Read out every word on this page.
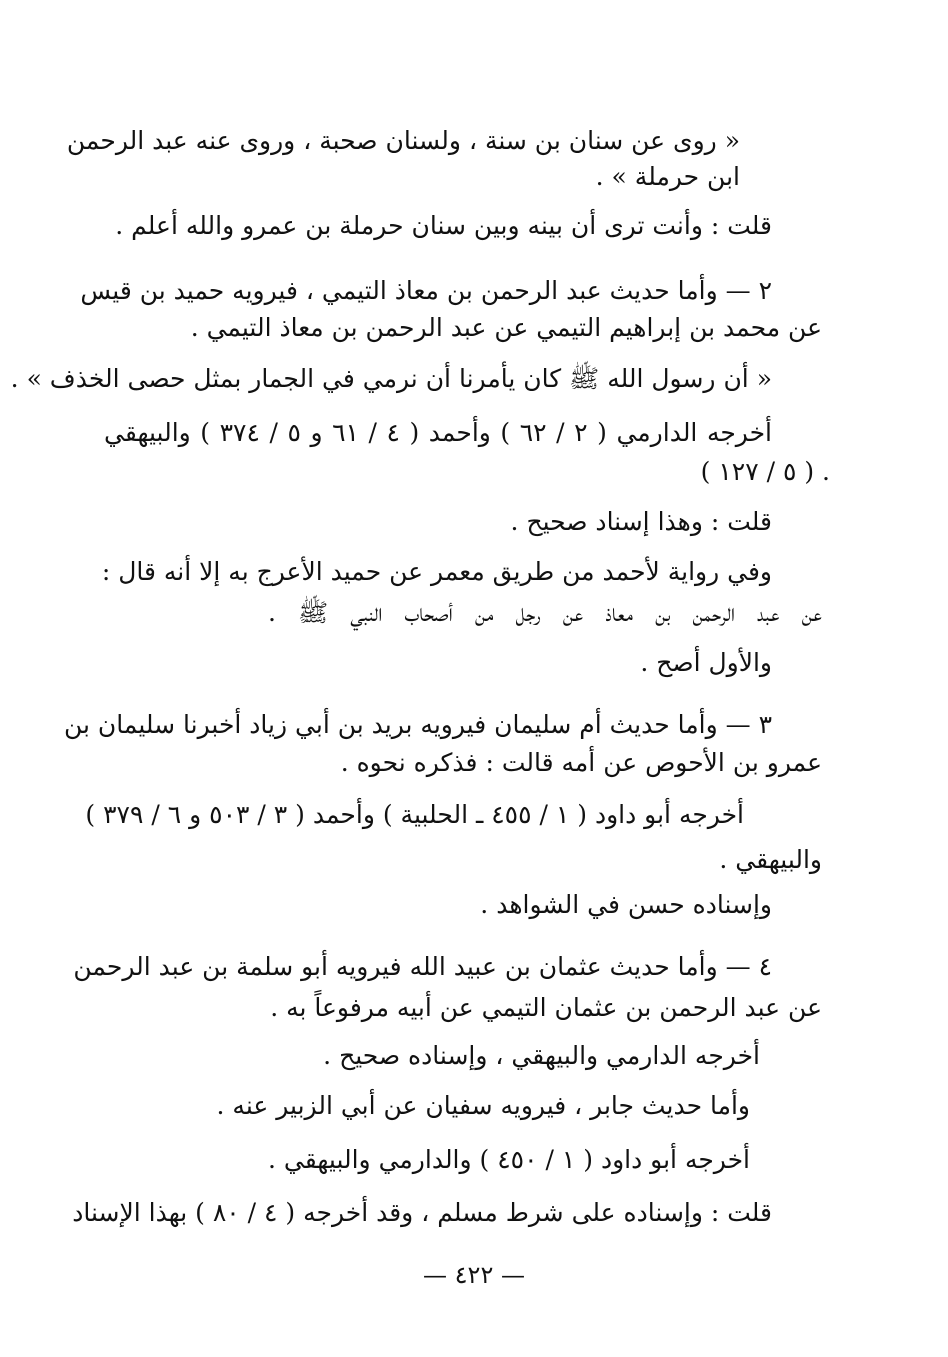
« روى عن سنان بن سنة ، ولسنان صحبة ، وروى عنه عبد الرحمن
ابن حرملة » .
قلت : وأنت ترى أن بينه وبين سنان حرملة بن عمرو والله أعلم .
٢ — وأما حديث عبد الرحمن بن معاذ التيمي ، فيرويه حميد بن قيس
عن محمد بن إبراهيم التيمي عن عبد الرحمن بن معاذ التيمي .
« أن رسول الله ﷺ كان يأمرنا أن نرمي في الجمار بمثل حصى الخذف » .
أخرجه الدارمي ( ٢ / ٦٢ ) وأحمد ( ٤ / ٦١ و ٥ / ٣٧٤ ) والبيهقي
( ٥ / ١٢٧ ) .
قلت : وهذا إسناد صحيح .
وفي رواية لأحمد من طريق معمر عن حميد الأعرج به إلا أنه قال :
عن عبد الرحمن بن معاذ عن رجل من أصحاب النبي ﷺ .
والأول أصح .
٣ — وأما حديث أم سليمان فيرويه بريد بن أبي زياد أخبرنا سليمان بن
عمرو بن الأحوص عن أمه قالت : فذكره نحوه .
أخرجه أبو داود ( ١ / ٤٥٥ ـ الحلبية ) وأحمد ( ٣ / ٥٠٣ و ٦ / ٣٧٩ )
والبيهقي .
وإسناده حسن في الشواهد .
٤ — وأما حديث عثمان بن عبيد الله فيرويه أبو سلمة بن عبد الرحمن
عن عبد الرحمن بن عثمان التيمي عن أبيه مرفوعاً به .
أخرجه الدارمي والبيهقي ، وإسناده صحيح .
وأما حديث جابر ، فيرويه سفيان عن أبي الزبير عنه .
أخرجه أبو داود ( ١ / ٤٥٠ ) والدارمي والبيهقي .
قلت : وإسناده على شرط مسلم ، وقد أخرجه ( ٤ / ٨٠ ) بهذا الإسناد
— ٤٢٢ —
